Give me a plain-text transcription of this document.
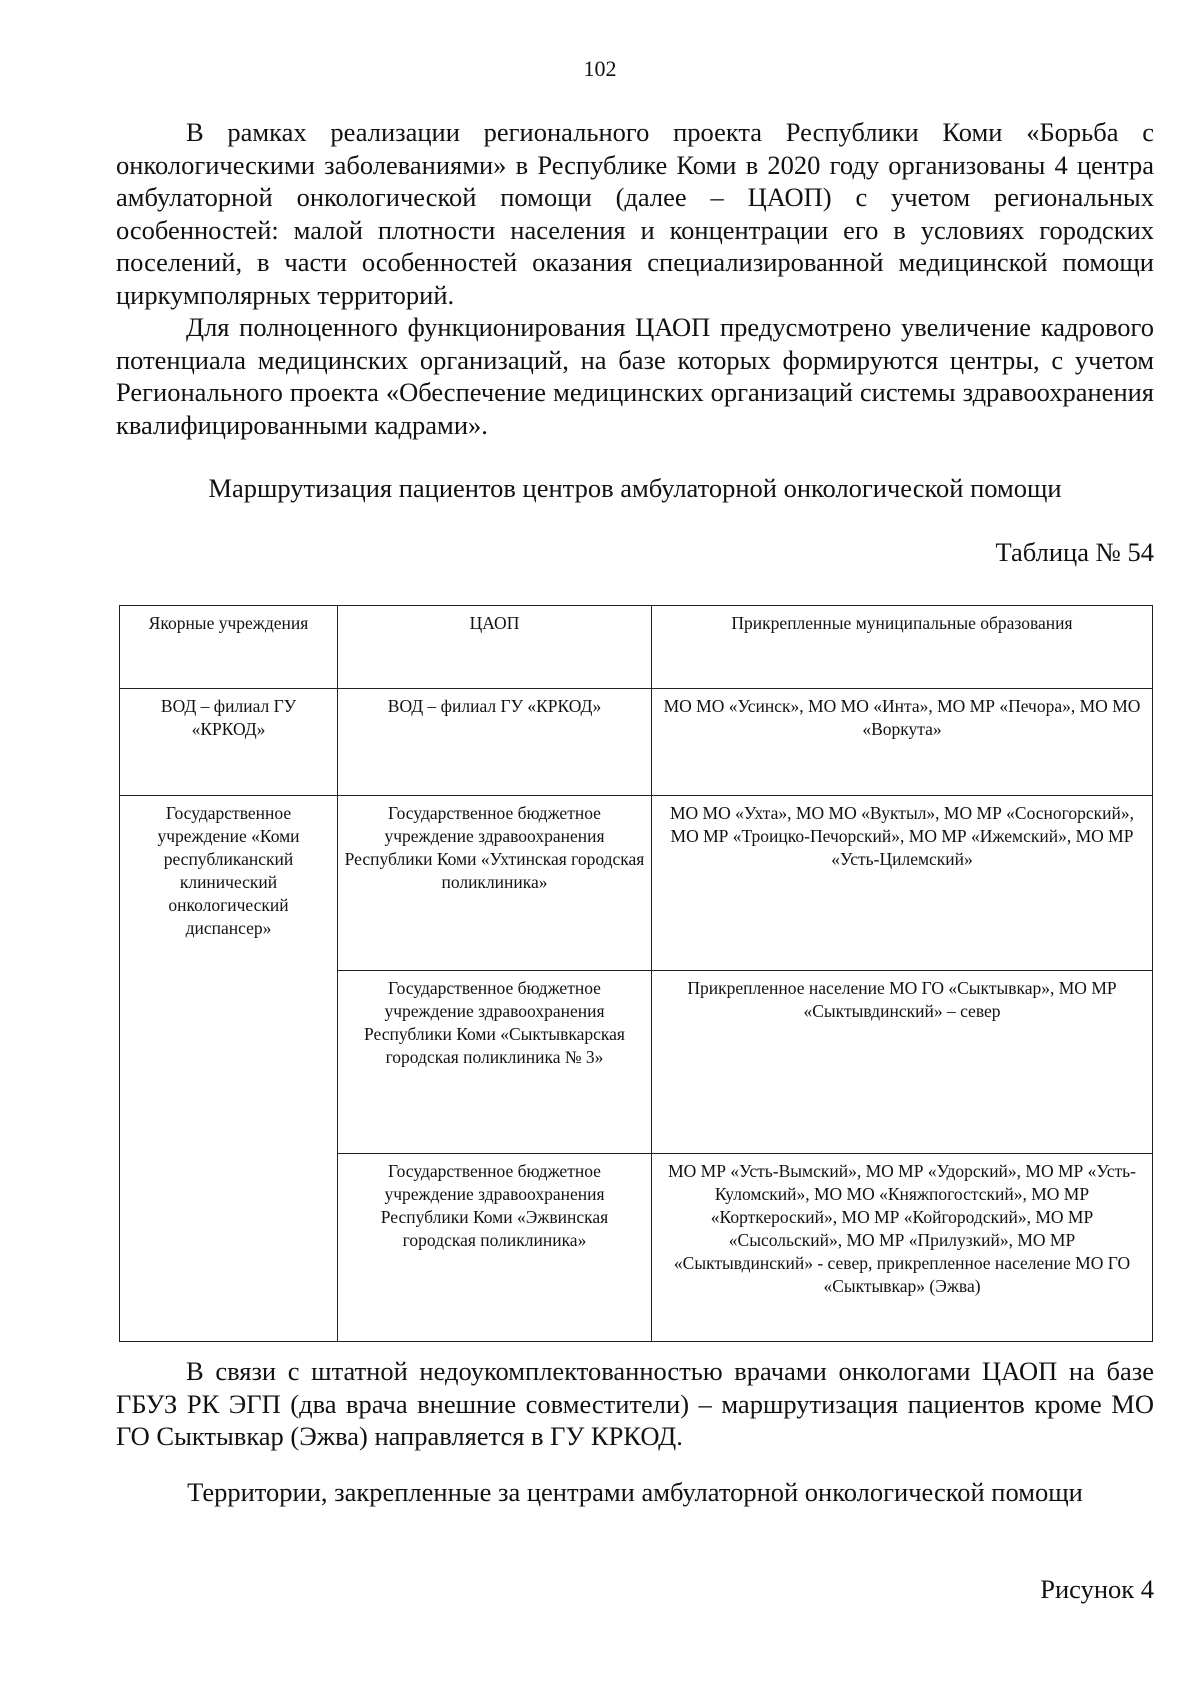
102

В рамках реализации регионального проекта Республики Коми «Борьба с онкологическими заболеваниями» в Республике Коми в 2020 году организованы 4 центра амбулаторной онкологической помощи (далее – ЦАОП) с учетом региональных особенностей: малой плотности населения и концентрации его в условиях городских поселений, в части особенностей оказания специализированной медицинской помощи циркумполярных территорий.

Для полноценного функционирования ЦАОП предусмотрено увеличение кадрового потенциала медицинских организаций, на базе которых формируются центры, с учетом Регионального проекта «Обеспечение медицинских организаций системы здравоохранения квалифицированными кадрами».

Маршрутизация пациентов центров амбулаторной онкологической помощи
Таблица № 54
Якорные учреждения	ЦАОП	Прикрепленные муниципальные образования
ВОД – филиал ГУ «КРКОД»	ВОД – филиал ГУ «КРКОД»	МО МО «Усинск», МО МО «Инта», МО МР «Печора», МО МО «Воркута»
Государственное учреждение «Коми республиканский клинический онкологический диспансер»	Государственное бюджетное учреждение здравоохранения Республики Коми «Ухтинская городская поликлиника»	МО МО «Ухта», МО МО «Вуктыл», МО МР «Сосногорский», МО МР «Троицко-Печорский», МО МР «Ижемский», МО МР «Усть-Цилемский»
	Государственное бюджетное учреждение здравоохранения Республики Коми «Сыктывкарская городская поликлиника № 3»	Прикрепленное население МО ГО «Сыктывкар», МО МР «Сыктывдинский» – север
	Государственное бюджетное учреждение здравоохранения Республики Коми «Эжвинская городская поликлиника»	МО МР «Усть-Вымский», МО МР «Удорский», МО МР «Усть-Куломский», МО МО «Княжпогостский», МО МР «Корткероский», МО МР «Койгородский», МО МР «Сысольский», МО МР «Прилузкий», МО МР «Сыктывдинский» - север, прикрепленное население МО ГО «Сыктывкар» (Эжва)

В связи с штатной недоукомплектованностью врачами онкологами ЦАОП на базе ГБУЗ РК ЭГП (два врача внешние совместители) – маршрутизация пациентов кроме МО ГО Сыктывкар (Эжва) направляется в ГУ КРКОД.

Территории, закрепленные за центрами амбулаторной онкологической помощи
Рисунок 4
